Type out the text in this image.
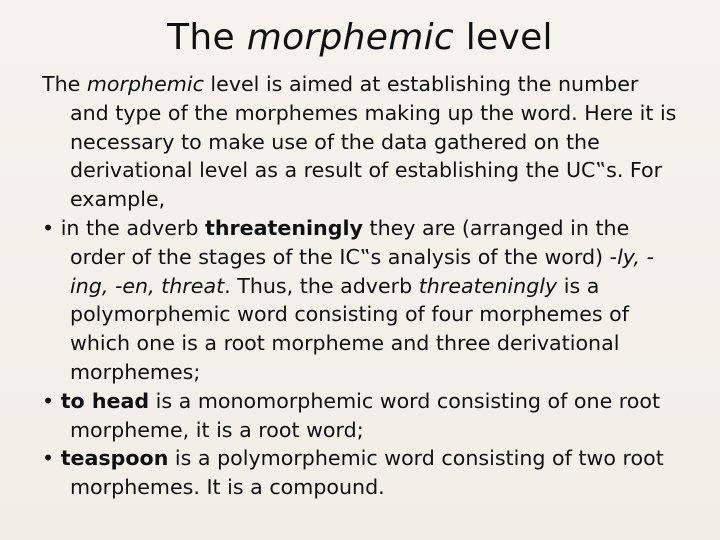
The morphemic level

The morphemic level is aimed at establishing the number and type of the morphemes making up the word. Here it is necessary to make use of the data gathered on the derivational level as a result of establishing the UC‟s. For example,

• in the adverb threateningly they are (arranged in the order of the stages of the IC‟s analysis of the word) -ly, -ing, -en, threat. Thus, the adverb threateningly is a polymorphemic word consisting of four morphemes of which one is a root morpheme and three derivational morphemes;

• to head is a monomorphemic word consisting of one root morpheme, it is a root word;

• teaspoon is a polymorphemic word consisting of two root morphemes. It is a compound.
